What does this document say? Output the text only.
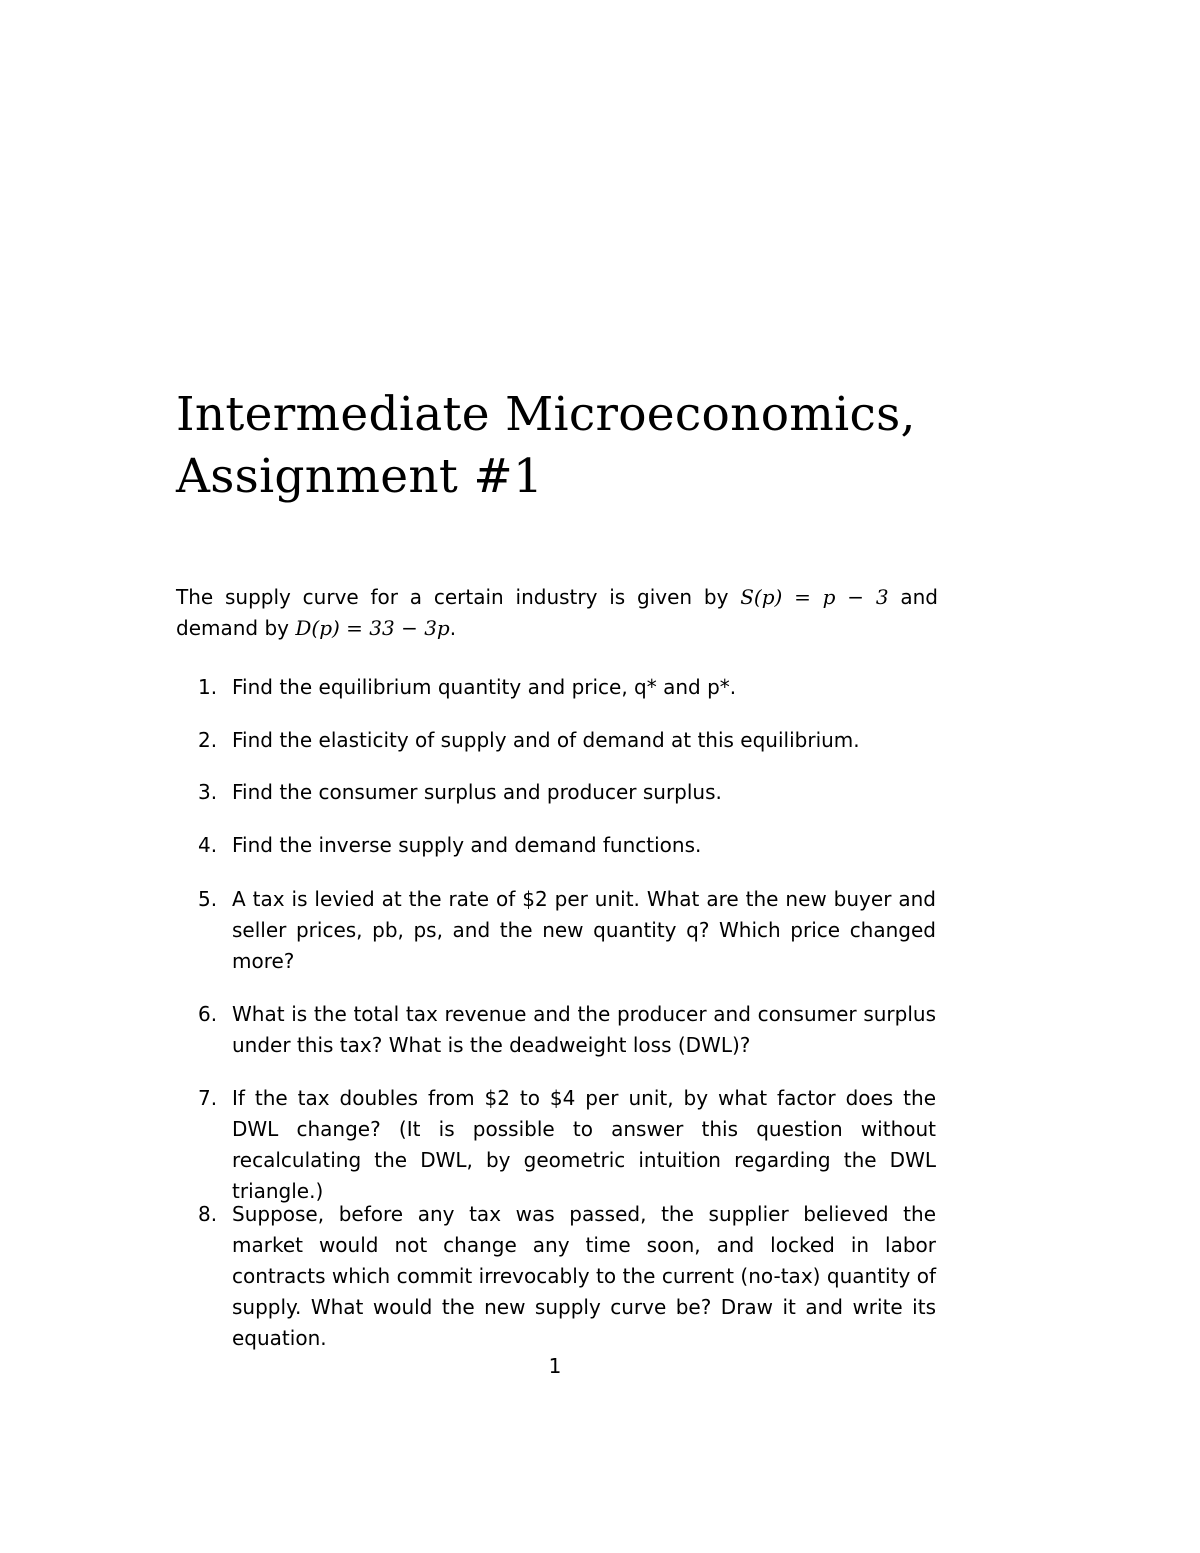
Intermediate Microeconomics,
Assignment #1

The supply curve for a certain industry is given by S(p) = p − 3 and demand by D(p) = 33 − 3p.

1. Find the equilibrium quantity and price, q* and p*.
2. Find the elasticity of supply and of demand at this equilibrium.
3. Find the consumer surplus and producer surplus.
4. Find the inverse supply and demand functions.
5. A tax is levied at the rate of $2 per unit. What are the new buyer and seller prices, pb, ps, and the new quantity q? Which price changed more?
6. What is the total tax revenue and the producer and consumer surplus under this tax? What is the deadweight loss (DWL)?
7. If the tax doubles from $2 to $4 per unit, by what factor does the DWL change? (It is possible to answer this question without recalculating the DWL, by geometric intuition regarding the DWL triangle.)
8. Suppose, before any tax was passed, the supplier believed the market would not change any time soon, and locked in labor contracts which commit irrevocably to the current (no-tax) quantity of supply. What would the new supply curve be? Draw it and write its equation.
1
